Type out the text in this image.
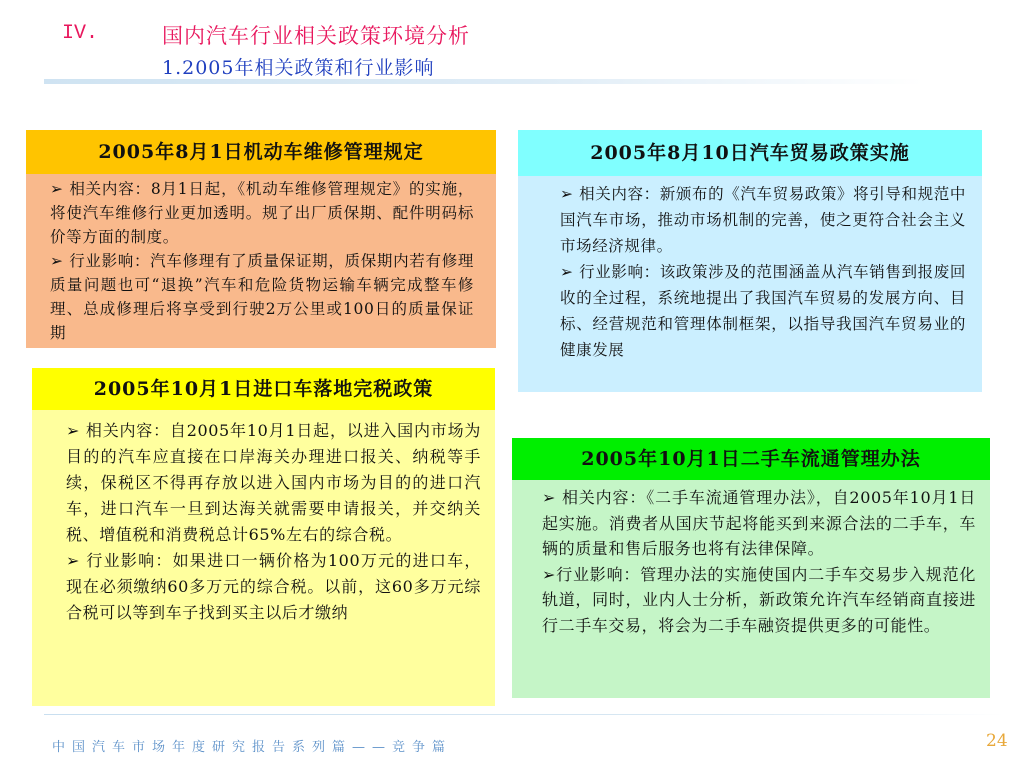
IV.	国内汽车行业相关政策环境分析
1.2005年相关政策和行业影响
2005年8月1日机动车维修管理规定

➢ 相关内容：8月1日起，《机动车维修管理规定》的实施，将使汽车维修行业更加透明。规了出厂质保期、配件明码标价等方面的制度。

➢ 行业影响：汽车修理有了质量保证期，质保期内若有修理质量问题也可“退换”汽车和危险货物运输车辆完成整车修理、总成修理后将享受到行驶2万公里或100日的质量保证期

2005年8月10日汽车贸易政策实施

➢ 相关内容：新颁布的《汽车贸易政策》将引导和规范中国汽车市场，推动市场机制的完善，使之更符合社会主义市场经济规律。

➢ 行业影响：该政策涉及的范围涵盖从汽车销售到报废回收的全过程，系统地提出了我国汽车贸易的发展方向、目标、经营规范和管理体制框架，以指导我国汽车贸易业的健康发展

2005年10月1日进口车落地完税政策

➢ 相关内容：自2005年10月1日起，以进入国内市场为目的的汽车应直接在口岸海关办理进口报关、纳税等手续，保税区不得再存放以进入国内市场为目的的进口汽车，进口汽车一旦到达海关就需要申请报关，并交纳关税、增值税和消费税总计65%左右的综合税。

➢ 行业影响：如果进口一辆价格为100万元的进口车，现在必须缴纳60多万元的综合税。以前，这60多万元综合税可以等到车子找到买主以后才缴纳

2005年10月1日二手车流通管理办法

➢ 相关内容：《二手车流通管理办法》，自2005年10月1日起实施。消费者从国庆节起将能买到来源合法的二手车，车辆的质量和售后服务也将有法律保障。

➢行业影响：管理办法的实施使国内二手车交易步入规范化轨道，同时，业内人士分析，新政策允许汽车经销商直接进行二手车交易，将会为二手车融资提供更多的可能性。

中国汽车市场年度研究报告系列篇——竞争篇	24
